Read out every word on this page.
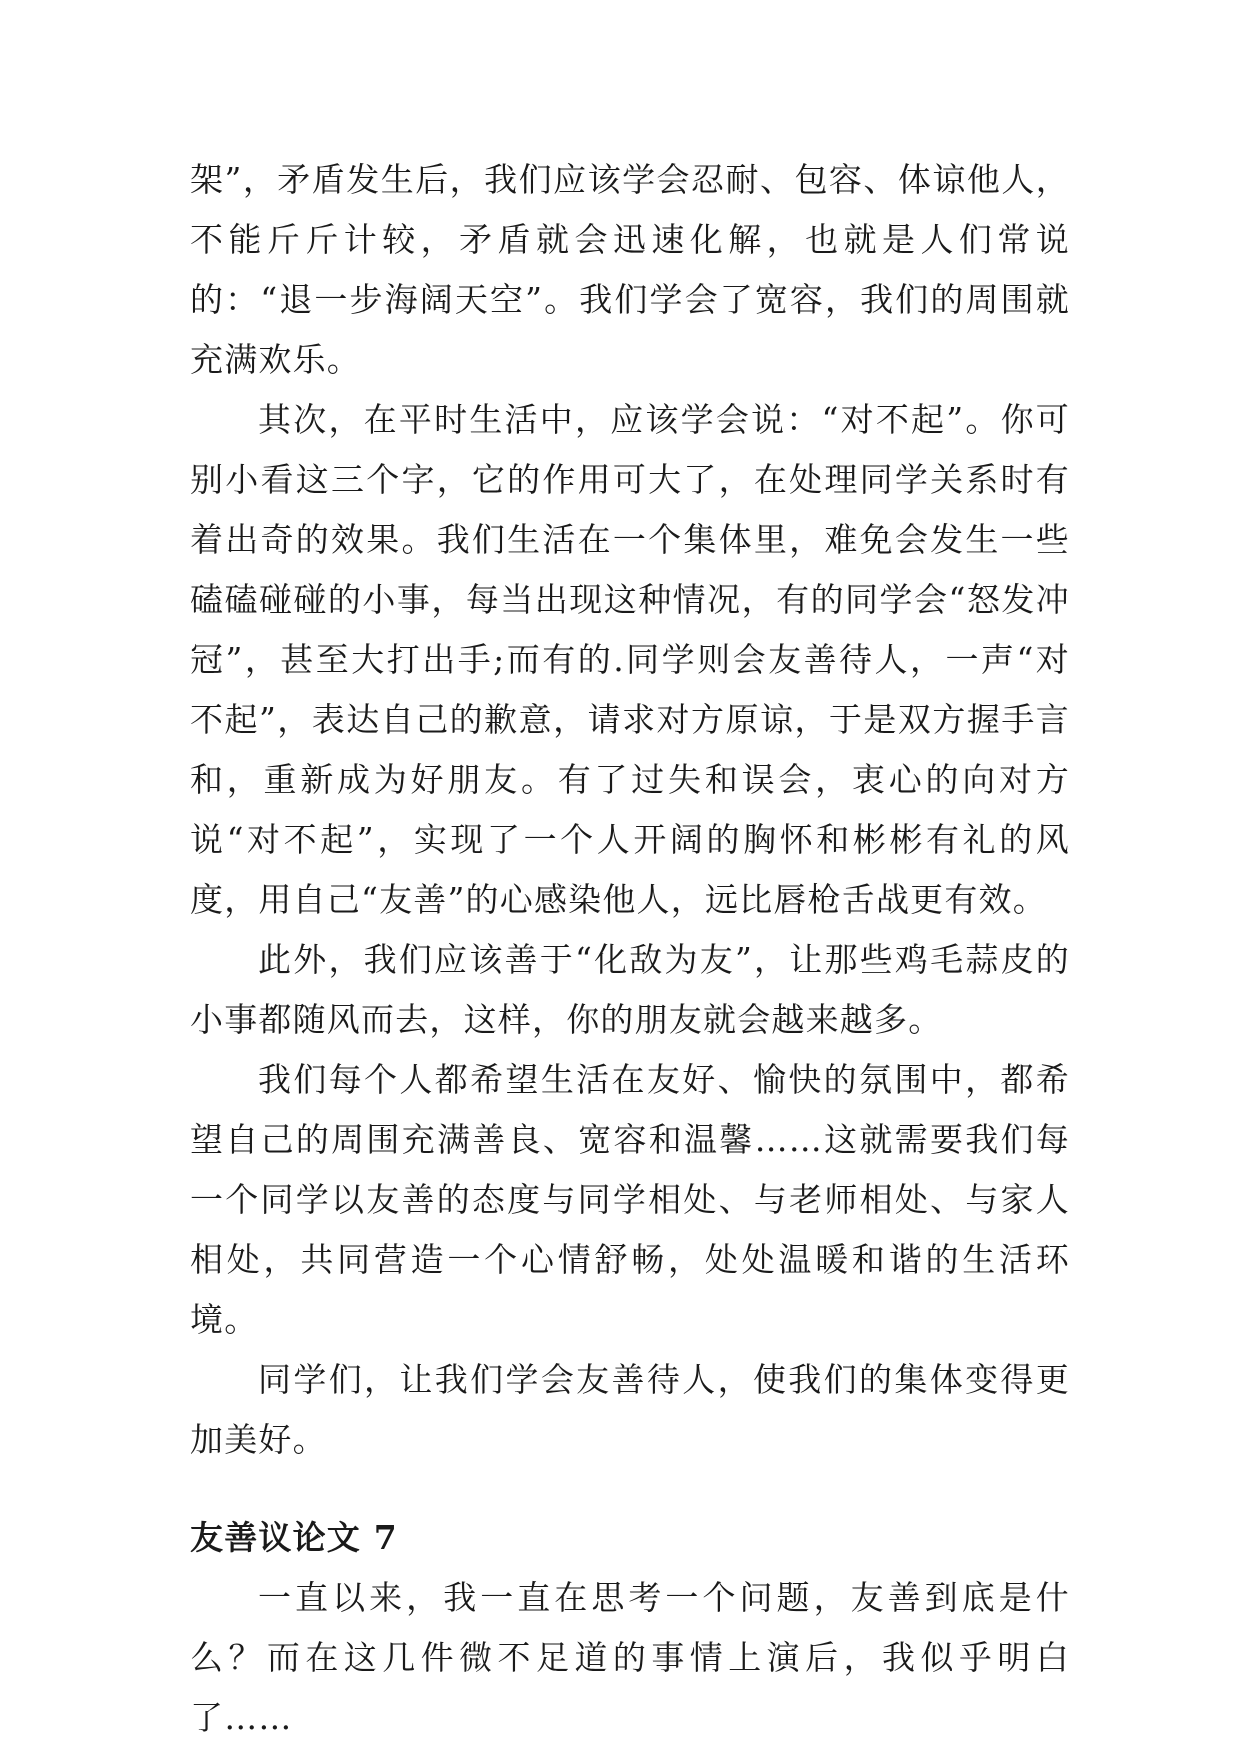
架”，矛盾发生后，我们应该学会忍耐、包容、体谅他人，不能斤斤计较，矛盾就会迅速化解，也就是人们常说的：“退一步海阔天空”。我们学会了宽容，我们的周围就充满欢乐。

其次，在平时生活中，应该学会说：“对不起”。你可别小看这三个字，它的作用可大了，在处理同学关系时有着出奇的效果。我们生活在一个集体里，难免会发生一些磕磕碰碰的小事，每当出现这种情况，有的同学会“怒发冲冠”，甚至大打出手;而有的.同学则会友善待人，一声“对不起”，表达自己的歉意，请求对方原谅，于是双方握手言和，重新成为好朋友。有了过失和误会，衷心的向对方说“对不起”，实现了一个人开阔的胸怀和彬彬有礼的风度，用自己“友善”的心感染他人，远比唇枪舌战更有效。

此外，我们应该善于“化敌为友”，让那些鸡毛蒜皮的小事都随风而去，这样，你的朋友就会越来越多。

我们每个人都希望生活在友好、愉快的氛围中，都希望自己的周围充满善良、宽容和温馨……这就需要我们每一个同学以友善的态度与同学相处、与老师相处、与家人相处，共同营造一个心情舒畅，处处温暖和谐的生活环境。

同学们，让我们学会友善待人，使我们的集体变得更加美好。

友善议论文 7

一直以来，我一直在思考一个问题，友善到底是什么？而在这几件微不足道的事情上演后，我似乎明白了……
